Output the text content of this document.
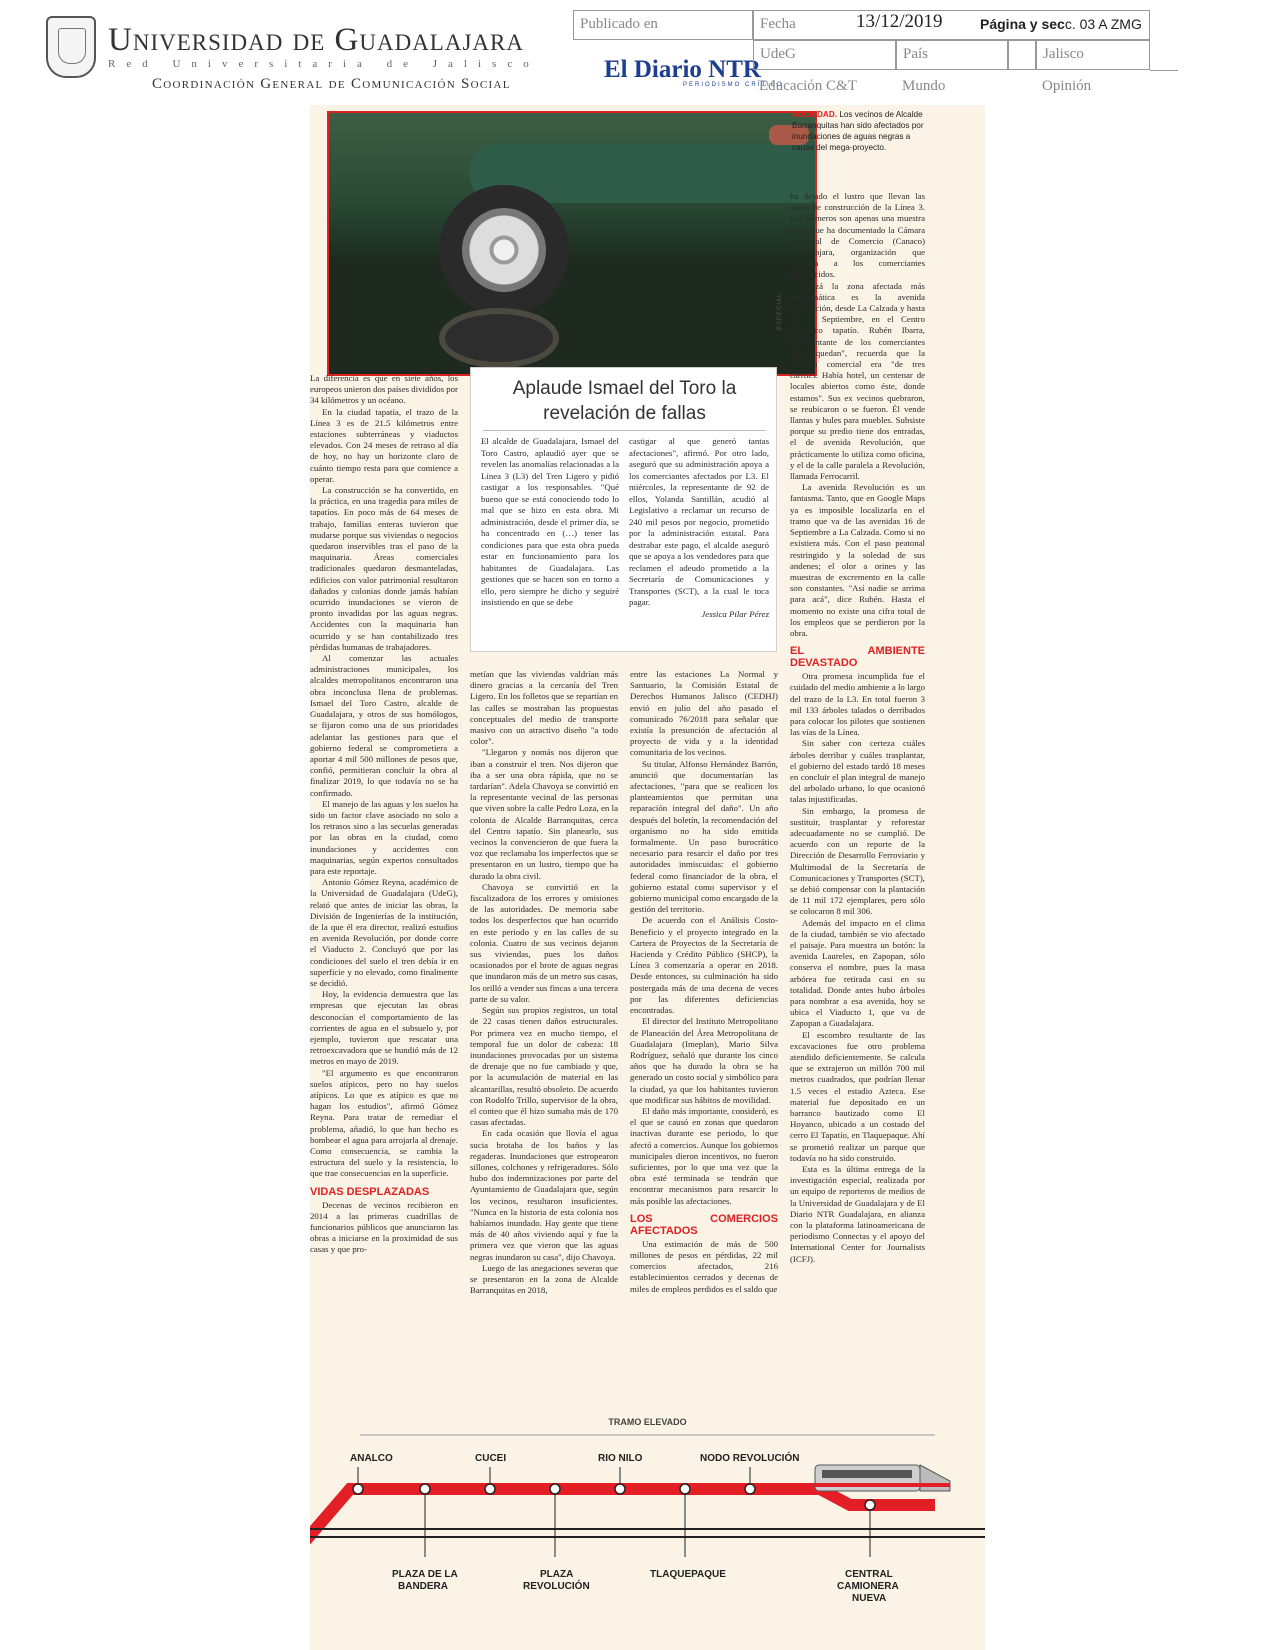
Universidad de Guadalajara
Red Universitaria de Jalisco
Coordinación General de Comunicación Social
Publicado en	Fecha	13/12/2019	Página y secc. 03 A ZMG
El Diario NTR
PERIODISMO CRÍTICO
UdeG	País	Jalisco
Educación C&T	Mundo	Opinión
ESPECIAL
SUCIEDAD. Los vecinos de Alcalde Barranquitas han sido afectados por inundaciones de aguas negras a causa del mega-proyecto.
Aplaude Ismael del Toro la revelación de fallas

El alcalde de Guadalajara, Ismael del Toro Castro, aplaudió ayer que se revelen las anomalías relacionadas a la Línea 3 (L3) del Tren Ligero y pidió castigar a los responsables. "Qué bueno que se está conociendo todo lo mal que se hizo en esta obra. Mi administración, desde el primer día, se ha concentrado en (…) tener las condiciones para que esta obra pueda estar en funcionamiento para los habitantes de Guadalajara. Las gestiones que se hacen son en torno a ello, pero siempre he dicho y seguiré insistiendo en que se debe

castigar al que generó tantas afectaciones", afirmó. Por otro lado, aseguró que su administración apoya a los comerciantes afectados por L3. El miércoles, la representante de 92 de ellos, Yolanda Santillán, acudió al Legislativo a reclamar un recurso de 240 mil pesos por negocio, prometido por la administración estatal. Para destrabar este pago, el alcalde aseguró que se apoya a los vendedores para que reclamen el adeudo prometido a la Secretaría de Comunicaciones y Transportes (SCT), a la cual le toca pagar.

Jessica Pilar Pérez

La diferencia es que en siete años, los europeos unieron dos países divididos por 34 kilómetros y un océano.

En la ciudad tapatía, el trazo de la Línea 3 es de 21.5 kilómetros entre estaciones subterráneas y viaductos elevados. Con 24 meses de retraso al día de hoy, no hay un horizonte claro de cuánto tiempo resta para que comience a operar.

La construcción se ha convertido, en la práctica, en una tragedia para miles de tapatíos. En poco más de 64 meses de trabajo, familias enteras tuvieron que mudarse porque sus viviendas o negocios quedaron inservibles tras el paso de la maquinaria. Áreas comerciales tradicionales quedaron desmanteladas, edificios con valor patrimonial resultaron dañados y colonias donde jamás habían ocurrido inundaciones se vieron de pronto invadidas por las aguas negras. Accidentes con la maquinaria han ocurrido y se han contabilizado tres pérdidas humanas de trabajadores.

Al comenzar las actuales administraciones municipales, los alcaldes metropolitanos encontraron una obra inconclusa llena de problemas. Ismael del Toro Castro, alcalde de Guadalajara, y otros de sus homólogos, se fijaron como una de sus prioridades adelantar las gestiones para que el gobierno federal se comprometiera a aportar 4 mil 500 millones de pesos que, confió, permitieran concluir la obra al finalizar 2019, lo que todavía no se ha confirmado.

El manejo de las aguas y los suelos ha sido un factor clave asociado no solo a los retrasos sino a las secuelas generadas por las obras en la ciudad, como inundaciones y accidentes con maquinarias, según expertos consultados para este reportaje.

Antonio Gómez Reyna, académico de la Universidad de Guadalajara (UdeG), relató que antes de iniciar las obras, la División de Ingenierías de la institución, de la que él era director, realizó estudios en avenida Revolución, por donde corre el Viaducto 2. Concluyó que por las condiciones del suelo el tren debía ir en superficie y no elevado, como finalmente se decidió.

Hoy, la evidencia demuestra que las empresas que ejecutan las obras desconocían el comportamiento de las corrientes de agua en el subsuelo y, por ejemplo, tuvieron que rescatar una retroexcavadora que se hundió más de 12 metros en mayo de 2019.

"El argumento es que encontraron suelos atípicos, pero no hay suelos atípicos. Lo que es atípico es que no hagan los estudios", afirmó Gómez Reyna. Para tratar de remediar el problema, añadió, lo que han hecho es bombear el agua para arrojarla al drenaje. Como consecuencia, se cambia la estructura del suelo y la resistencia, lo que trae consecuencias en la superficie.

VIDAS DESPLAZADAS

Decenas de vecinos recibieron en 2014 a las primeras cuadrillas de funcionarios públicos que anunciaron las obras a iniciarse en la proximidad de sus casas y que pro-

metían que las viviendas valdrían más dinero gracias a la cercanía del Tren Ligero. En los folletos que se repartían en las calles se mostraban las propuestas conceptuales del medio de transporte masivo con un atractivo diseño "a todo color".

"Llegaron y nomás nos dijeron que iban a construir el tren. Nos dijeron que iba a ser una obra rápida, que no se tardarían". Adela Chavoya se convirtió en la representante vecinal de las personas que viven sobre la calle Pedro Loza, en la colonia de Alcalde Barranquitas, cerca del Centro tapatío. Sin planearlo, sus vecinos la convencieron de que fuera la voz que reclamaba los imperfectos que se presentaron en un lustro, tiempo que ha durado la obra civil.

Chavoya se convirtió en la fiscalizadora de los errores y omisiones de las autoridades. De memoria sabe todos los desperfectos que han ocurrido en este periodo y en las calles de su colonia. Cuatro de sus vecinos dejaron sus viviendas, pues los daños ocasionados por el brote de aguas negras que inundaron más de un metro sus casas, los orilló a vender sus fincas a una tercera parte de su valor.

Según sus propios registros, un total de 22 casas tienen daños estructurales. Por primera vez en mucho tiempo, el temporal fue un dolor de cabeza: 18 inundaciones provocadas por un sistema de drenaje que no fue cambiado y que, por la acumulación de material en las alcantarillas, resultó obsoleto. De acuerdo con Rodolfo Trillo, supervisor de la obra, el conteo que él hizo sumaba más de 170 casas afectadas.

En cada ocasión que llovía el agua sucia brotaba de los baños y las regaderas. Inundaciones que estropearon sillones, colchones y refrigeradores. Sólo hubo dos indemnizaciones por parte del Ayuntamiento de Guadalajara que, según los vecinos, resultaron insuficientes. "Nunca en la historia de esta colonia nos habíamos inundado. Hay gente que tiene más de 40 años viviendo aquí y fue la primera vez que vieron que las aguas negras inundaron su casa", dijo Chavoya.

Luego de las anegaciones severas que se presentaron en la zona de Alcalde Barranquitas en 2018,

entre las estaciones La Normal y Santuario, la Comisión Estatal de Derechos Humanos Jalisco (CEDHJ) envió en julio del año pasado el comunicado 76/2018 para señalar que existía la presunción de afectación al proyecto de vida y a la identidad comunitaria de los vecinos.

Su titular, Alfonso Hernández Barrón, anunció que documentarían las afectaciones, "para que se realicen los planteamientos que permitan una reparación integral del daño". Un año después del boletín, la recomendación del organismo no ha sido emitida formalmente. Un paso burocrático necesario para resarcir el daño por tres autoridades inmiscuidas: el gobierno federal como financiador de la obra, el gobierno estatal como supervisor y el gobierno municipal como encargado de la gestión del territorio.

De acuerdo con el Análisis Costo-Beneficio y el proyecto integrado en la Cartera de Proyectos de la Secretaría de Hacienda y Crédito Público (SHCP), la Línea 3 comenzaría a operar en 2018. Desde entonces, su culminación ha sido postergada más de una decena de veces por las diferentes deficiencias encontradas.

El director del Instituto Metropolitano de Planeación del Área Metropolitana de Guadalajara (Imeplan), Mario Silva Rodríguez, señaló que durante los cinco años que ha durado la obra se ha generado un costo social y simbólico para la ciudad, ya que los habitantes tuvieron que modificar sus hábitos de movilidad.

El daño más importante, consideró, es el que se causó en zonas que quedaron inactivas durante ese periodo, lo que afectó a comercios. Aunque los gobiernos municipales dieron incentivos, no fueron suficientes, por lo que una vez que la obra esté terminada se tendrán que encontrar mecanismos para resarcir lo más posible las afectaciones.

LOS COMERCIOS AFECTADOS

Una estimación de más de 500 millones de pesos en pérdidas, 22 mil comercios afectados, 216 establecimientos cerrados y decenas de miles de empleos perdidos es el saldo que

ha dejado el lustro que llevan las obras de construcción de la Línea 3. Los números son apenas una muestra de lo que ha documentado la Cámara Nacional de Comercio (Canaco) Guadalajara, organización que aglutina a los comerciantes establecidos.

Quizá la zona afectada más emblemática es la avenida Revolución, desde La Calzada y hasta 16 de Septiembre, en el Centro Histórico tapatío. Rubén Ibarra, representante de los comerciantes "que quedan", recuerda que la avenida comercial era "de tres carriles. Había hotel, un centenar de locales abiertos como éste, donde estamos". Sus ex vecinos quebraron, se reubicaron o se fueron. Él vende llantas y hules para muebles. Subsiste porque su predio tiene dos entradas, el de avenida Revolución, que prácticamente lo utiliza como oficina, y el de la calle paralela a Revolución, llamada Ferrocarril.

La avenida Revolución es un fantasma. Tanto, que en Google Maps ya es imposible localizarla en el tramo que va de las avenidas 16 de Septiembre a La Calzada. Como si no existiera más. Con el paso peatonal restringido y la soledad de sus andenes; el olor a orines y las muestras de excremento en la calle son constantes. "Así nadie se arrima para acá", dice Rubén. Hasta el momento no existe una cifra total de los empleos que se perdieron por la obra.

EL AMBIENTE DEVASTADO

Otra promesa incumplida fue el cuidado del medio ambiente a lo largo del trazo de la L3. En total fueron 3 mil 133 árboles talados o derribados para colocar los pilotes que sostienen las vías de la Línea.

Sin saber con certeza cuáles árboles derribar y cuáles trasplantar, el gobierno del estado tardó 18 meses en concluir el plan integral de manejo del arbolado urbano, lo que ocasionó talas injustificadas.

Sin embargo, la promesa de sustituir, trasplantar y reforestar adecuadamente no se cumplió. De acuerdo con un reporte de la Dirección de Desarrollo Ferroviario y Multimodal de la Secretaría de Comunicaciones y Transportes (SCT), se debió compensar con la plantación de 11 mil 172 ejemplares, pero sólo se colocaron 8 mil 306.

Además del impacto en el clima de la ciudad, también se vio afectado el paisaje. Para muestra un botón: la avenida Laureles, en Zapopan, sólo conserva el nombre, pues la masa arbórea fue retirada casi en su totalidad. Donde antes hubo árboles para nombrar a esa avenida, hoy se ubica el Viaducto 1, que va de Zapopan a Guadalajara.

El escombro resultante de las excavaciones fue otro problema atendido deficientemente. Se calcula que se extrajeron un millón 700 mil metros cuadrados, que podrían llenar 1.5 veces el estadio Azteca. Ese material fue depositado en un barranco bautizado como El Hoyanco, ubicado a un costado del cerro El Tapatío, en Tlaquepaque. Ahí se prometió realizar un parque que todavía no ha sido construido.

Esta es la última entrega de la investigación especial, realizada por un equipo de reporteros de medios de la Universidad de Guadalajara y de El Diario NTR Guadalajara, en alianza con la plataforma latinoamericana de periodismo Connectas y el apoyo del International Center for Journalists (ICFJ).

TRAMO ELEVADO
ANALCO	CUCEI	RIO NILO	NODO REVOLUCIÓN
PLAZA DE LA
BANDERA
PLAZA
REVOLUCIÓN
TLAQUEPAQUE	CENTRAL
CAMIONERA
NUEVA
